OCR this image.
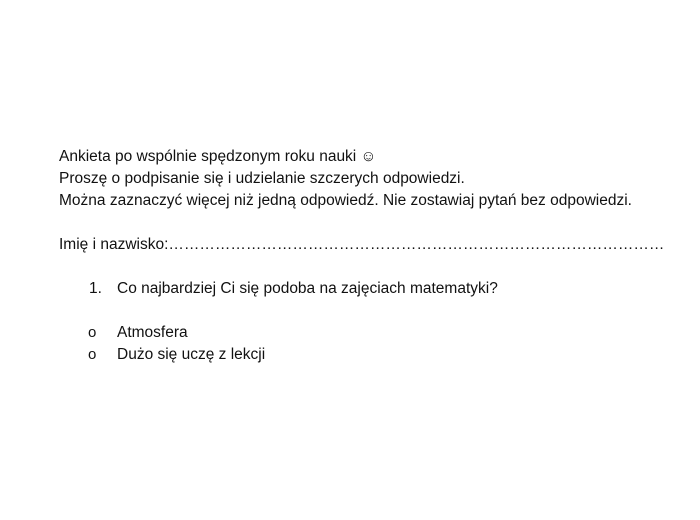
Ankieta po wspólnie spędzonym roku nauki ☺
Proszę o podpisanie się i udzielanie szczerych odpowiedzi.
Można zaznaczyć więcej niż jedną odpowiedź. Nie zostawiaj pytań bez odpowiedzi.
Imię i nazwisko:……………………………………………………………………………………
1. Co najbardziej Ci się podoba na zajęciach matematyki?
o Atmosfera
o Dużo się uczę z lekcji
